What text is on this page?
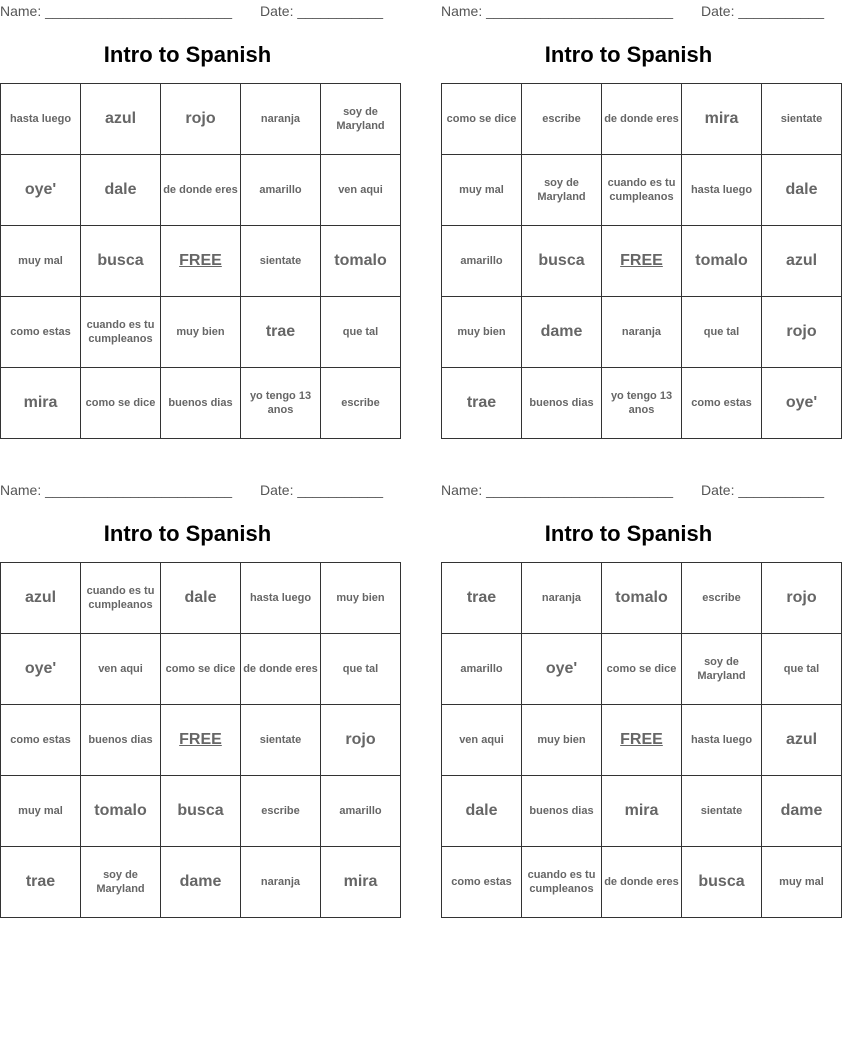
Name: ________________________ Date: ___________
Intro to Spanish
hasta luego	azul	rojo	naranja	soy de Maryland
oye'	dale	de donde eres	amarillo	ven aqui
muy mal	busca	FREE	sientate	tomalo
como estas	cuando es tu cumpleanos	muy bien	trae	que tal
mira	como se dice	buenos dias	yo tengo 13 anos	escribe
Name: ________________________ Date: ___________
Intro to Spanish
como se dice	escribe	de donde eres	mira	sientate
muy mal	soy de Maryland	cuando es tu cumpleanos	hasta luego	dale
amarillo	busca	FREE	tomalo	azul
muy bien	dame	naranja	que tal	rojo
trae	buenos dias	yo tengo 13 anos	como estas	oye'
Name: ________________________ Date: ___________
Intro to Spanish
azul	cuando es tu cumpleanos	dale	hasta luego	muy bien
oye'	ven aqui	como se dice	de donde eres	que tal
como estas	buenos dias	FREE	sientate	rojo
muy mal	tomalo	busca	escribe	amarillo
trae	soy de Maryland	dame	naranja	mira
Name: ________________________ Date: ___________
Intro to Spanish
trae	naranja	tomalo	escribe	rojo
amarillo	oye'	como se dice	soy de Maryland	que tal
ven aqui	muy bien	FREE	hasta luego	azul
dale	buenos dias	mira	sientate	dame
como estas	cuando es tu cumpleanos	de donde eres	busca	muy mal
